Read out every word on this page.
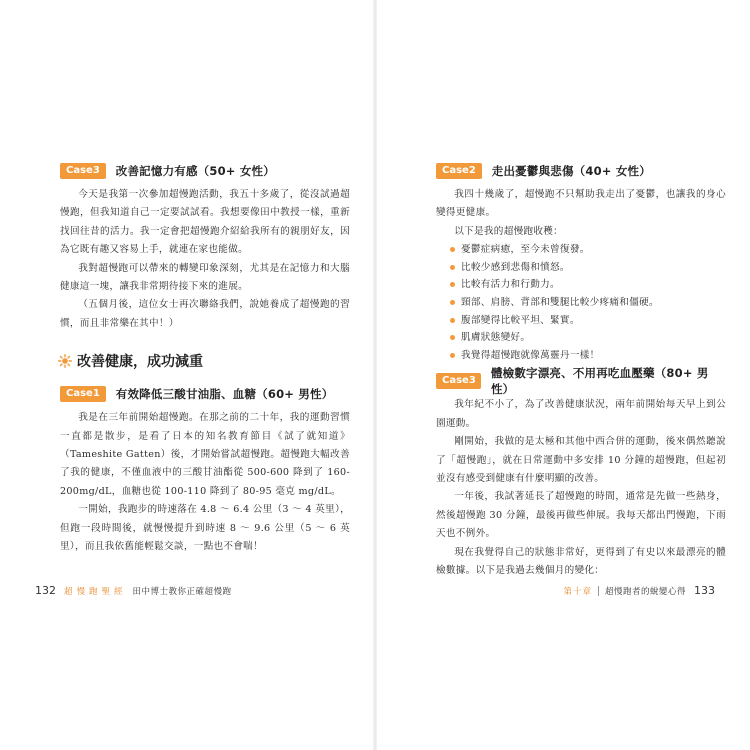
Case3	改善記憶力有感（50+ 女性）

今天是我第一次參加超慢跑活動，我五十多歲了，從沒試過超慢跑，但我知道自己一定要試試看。我想要像田中教授一樣，重新找回往昔的活力。我一定會把超慢跑介紹給我所有的親朋好友，因為它既有趣又容易上手，就連在家也能做。

我對超慢跑可以帶來的轉變印象深刻，尤其是在記憶力和大腦健康這一塊，讓我非常期待接下來的進展。

（五個月後，這位女士再次聯絡我們，說她養成了超慢跑的習慣，而且非常樂在其中！）

改善健康，成功減重
Case1	有效降低三酸甘油脂、血糖（60+ 男性）

我是在三年前開始超慢跑。在那之前的二十年，我的運動習慣一直都是散步，是看了日本的知名教育節目《試了就知道》（Tameshite Gatten）後，才開始嘗試超慢跑。超慢跑大幅改善了我的健康，不僅血液中的三酸甘油酯從 500-600 降到了 160-200mg/dL，血糖也從 100-110 降到了 80-95 毫克 mg/dL。

一開始，我跑步的時速落在 4.8 ～ 6.4 公里（3 ～ 4 英里），但跑一段時間後，就慢慢提升到時速 8 ～ 9.6 公里（5 ～ 6 英里），而且我依舊能輕鬆交談，一點也不會喘！

132 超慢跑聖經 田中博士教你正確超慢跑
Case2	走出憂鬱與悲傷（40+ 女性）

我四十幾歲了，超慢跑不只幫助我走出了憂鬱，也讓我的身心變得更健康。

以下是我的超慢跑收穫：

憂鬱症病癒，至今未曾復發。
比較少感到悲傷和憤怒。
比較有活力和行動力。
頸部、肩膀、背部和雙腿比較少疼痛和僵硬。
腹部變得比較平坦、緊實。
肌膚狀態變好。
我覺得超慢跑就像萬靈丹一樣！
Case3
體檢數字漂亮、不用再吃血壓藥（80+ 男性）

我年紀不小了，為了改善健康狀況，兩年前開始每天早上到公園運動。

剛開始，我做的是太極和其他中西合併的運動，後來偶然聽說了「超慢跑」，就在日常運動中多安排 10 分鐘的超慢跑，但起初並沒有感受到健康有什麼明顯的改善。

一年後，我試著延長了超慢跑的時間，通常是先做一些熱身，然後超慢跑 30 分鐘，最後再做些伸展。我每天都出門慢跑，下雨天也不例外。

現在我覺得自己的狀態非常好，更得到了有史以來最漂亮的體檢數據。以下是我過去幾個月的變化：

第十章 超慢跑者的蛻變心得 133
